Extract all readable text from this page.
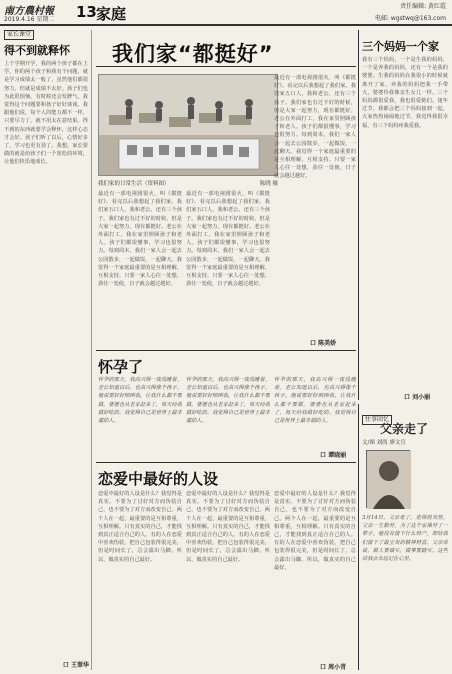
南方農村報
2019.4.16 星期二 13 家庭	责任编辑: 黄红霞
电邮: wgstwq@163.com
家长课堂
得不到就释怀
上个学期开学，我的两个孩子都在上学。你的两个孩子和我有个问题，就是学习成绩太一般了，虽然他们都很努力，但就是成绩不太好。孩子们也为此很烦恼，有时候还会发脾气。我觉得这个问题要和孩子好好谈谈。我跟他们说，每个人的能力都不一样，只要尽力了，就不用太在意结果。得不到的东西就要学会释怀，这样心态才会好。孩子们听了以后，心情好多了，学习也更有劲了。我想，家长要做的就是给孩子们一个宽松的环境，让他们快乐地成长。
口 王翠华
我们家“都挺好”
我们家的日常生活（资料图）	陈晓 摄
最近有一部电视剧很火，叫《都挺好》。看完以后我想起了我们家。我们家五口人，我和老公，还有三个孩子。我们家也有过不好的时候，但是大家一起努力，现在都挺好。老公在外面打工，我在家里照顾孩子和老人。孩子们都很懂事，学习也很努力。每到周末，我们一家人会一起去公园散步，一起做饭，一起聊天。我觉得一个家庭最重要的是互相理解，互相支持。只要一家人心往一处想，劲往一处使，日子就会越过越好。
最近有一部电视剧很火，叫《都挺好》。看完以后我想起了我们家。我们家五口人，我和老公，还有三个孩子。我们家也有过不好的时候，但是大家一起努力，现在都挺好。老公在外面打工，我在家里照顾孩子和老人。孩子们都很懂事，学习也很努力。每到周末，我们一家人会一起去公园散步，一起做饭，一起聊天。我觉得一个家庭最重要的是互相理解，互相支持。只要一家人心往一处想，劲往一处使，日子就会越过越好。
最近有一部电视剧很火，叫《都挺好》。看完以后我想起了我们家。我们家五口人，我和老公，还有三个孩子。我们家也有过不好的时候，但是大家一起努力，现在都挺好。老公在外面打工，我在家里照顾孩子和老人。孩子们都很懂事，学习也很努力。每到周末，我们一家人会一起去公园散步，一起做饭，一起聊天。我觉得一个家庭最重要的是互相理解，互相支持。只要一家人心往一处想，劲往一处使，日子就会越过越好。
口 陈美娇
三个妈妈一个家
我有三个妈妈，一个是生我的妈妈，一个是养我的妈妈，还有一个是我的婆婆。生我的妈妈在我很小的时候就离开了家，养我的妈妈把我一手带大，婆婆待我像亲生女儿一样。三个妈妈都很爱我，我也很爱她们。逢年过节，我都会把三个妈妈接到一起，大家热热闹闹地过节。我觉得我很幸福，有三个妈妈疼我爱我。
口 刘小丽
怀孕了
怀孕的那天，我高兴得一夜没睡着。老公知道以后，也高兴得像个孩子。他说要好好照顾我，让我什么都不要做。婆婆也从老家赶来了，每天给我做好吃的。我觉得自己是世界上最幸福的人。
怀孕的那天，我高兴得一夜没睡着。老公知道以后，也高兴得像个孩子。他说要好好照顾我，让我什么都不要做。婆婆也从老家赶来了，每天给我做好吃的。我觉得自己是世界上最幸福的人。
怀孕的那天，我高兴得一夜没睡着。老公知道以后，也高兴得像个孩子。他说要好好照顾我，让我什么都不要做。婆婆也从老家赶来了，每天给我做好吃的。我觉得自己是世界上最幸福的人。
口 谭晓丽
恋爱中最好的人设
恋爱中最好的人设是什么？我觉得是真实。不要为了讨好对方而伪装自己，也不要为了对方而改变自己。两个人在一起，最重要的是互相尊重，互相理解。只有真实的自己，才能找到真正适合自己的人。有的人在恋爱中喜欢伪装，把自己包装得很完美，但是时间长了，总会露出马脚。所以，做真实的自己最好。
恋爱中最好的人设是什么？我觉得是真实。不要为了讨好对方而伪装自己，也不要为了对方而改变自己。两个人在一起，最重要的是互相尊重，互相理解。只有真实的自己，才能找到真正适合自己的人。有的人在恋爱中喜欢伪装，把自己包装得很完美，但是时间长了，总会露出马脚。所以，做真实的自己最好。
恋爱中最好的人设是什么？我觉得是真实。不要为了讨好对方而伪装自己，也不要为了对方而改变自己。两个人在一起，最重要的是互相尊重，互相理解。只有真实的自己，才能找到真正适合自己的人。有的人在恋爱中喜欢伪装，把自己包装得很完美，但是时间长了，总会露出马脚。所以，做真实的自己最好。
口 周小青
往事回忆
父亲走了
文/图 刘尚 廖文宣
3月14日，父亲走了，走得很突然。父亲一生勤劳，为了这个家操劳了一辈子。他没有留下什么财产，却给我们留下了最宝贵的精神财富。父亲常说，做人要诚实，做事要踏实。这些话我会永远记在心里。
